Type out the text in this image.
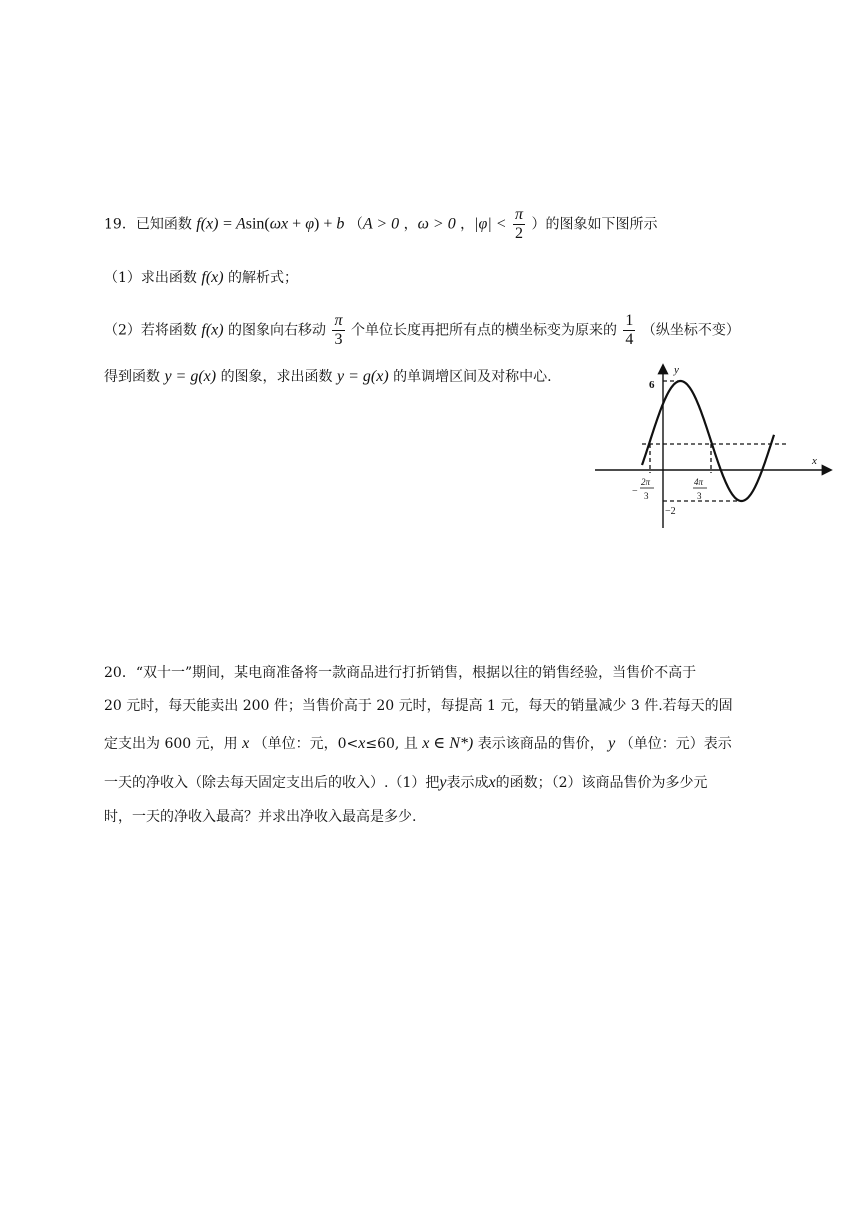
19．已知函数 f(x) = Asin(ωx + φ) + b （A > 0 ，ω > 0 ，$|\varphi| < \frac{\pi}{2}$ ）的图象如下图所示
（1）求出函数 f(x) 的解析式；
（2）若将函数 f(x) 的图象向右移动 $\frac{\pi}{3}$ 个单位长度再把所有点的横坐标变为原来的 $\frac{1}{4}$ （纵坐标不变）
得到函数 y = g(x) 的图象，求出函数 y = g(x) 的单调增区间及对称中心.	y
x
6
−2
−
2π
3
4π
3
20．“双十一”期间，某电商准备将一款商品进行打折销售，根据以往的销售经验，当售价不高于
20 元时，每天能卖出 200 件；当售价高于 20 元时，每提高 1 元，每天的销量减少 3 件.若每天的固
定支出为 600 元，用 x （单位：元，0<x≤60, 且 x ∈ N*) 表示该商品的售价， y （单位：元）表示
一天的净收入（除去每天固定支出后的收入）.（1）把y表示成x的函数；（2）该商品售价为多少元
时，一天的净收入最高？并求出净收入最高是多少.
